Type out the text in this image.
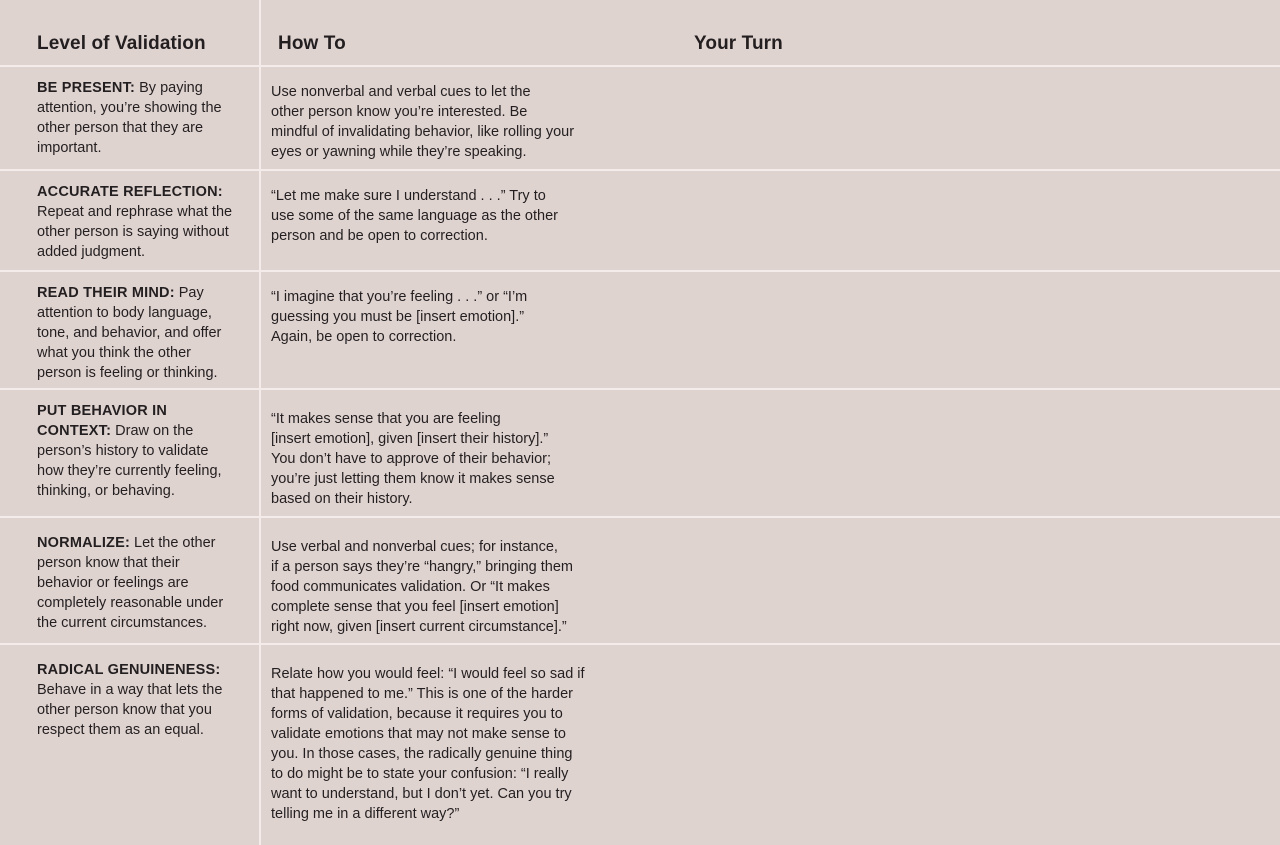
Level of Validation	How To	Your Turn
BE PRESENT: By paying
attention, you’re showing the
other person that they are
important.
Use nonverbal and verbal cues to let the
other person know you’re interested. Be
mindful of invalidating behavior, like rolling your
eyes or yawning while they’re speaking.
ACCURATE REFLECTION:
Repeat and rephrase what the
other person is saying without
added judgment.
“Let me make sure I understand . . .” Try to
use some of the same language as the other
person and be open to correction.
READ THEIR MIND: Pay
attention to body language,
tone, and behavior, and offer
what you think the other
person is feeling or thinking.
“I imagine that you’re feeling . . .” or “I’m
guessing you must be [insert emotion].”
Again, be open to correction.
PUT BEHAVIOR IN
CONTEXT: Draw on the
person’s history to validate
how they’re currently feeling,
thinking, or behaving.
“It makes sense that you are feeling
[insert emotion], given [insert their history].”
You don’t have to approve of their behavior;
you’re just letting them know it makes sense
based on their history.
NORMALIZE: Let the other
person know that their
behavior or feelings are
completely reasonable under
the current circumstances.
Use verbal and nonverbal cues; for instance,
if a person says they’re “hangry,” bringing them
food communicates validation. Or “It makes
complete sense that you feel [insert emotion]
right now, given [insert current circumstance].”
RADICAL GENUINENESS:
Behave in a way that lets the
other person know that you
respect them as an equal.
Relate how you would feel: “I would feel so sad if
that happened to me.” This is one of the harder
forms of validation, because it requires you to
validate emotions that may not make sense to
you. In those cases, the radically genuine thing
to do might be to state your confusion: “I really
want to understand, but I don’t yet. Can you try
telling me in a different way?”
